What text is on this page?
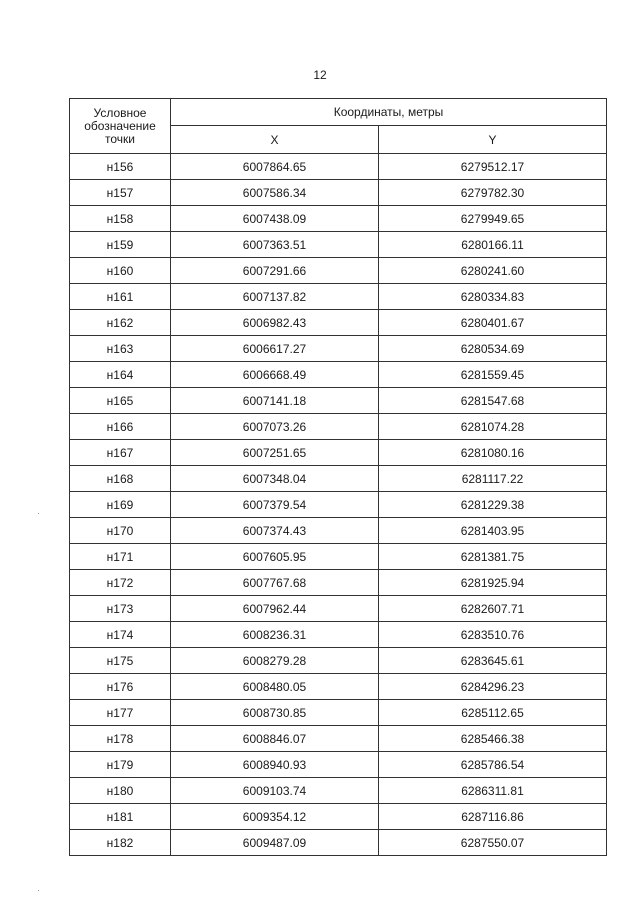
12
Условное обозначение точки	Координаты, метры	
	X	Y
н156	6007864.65	6279512.17
н157	6007586.34	6279782.30
н158	6007438.09	6279949.65
н159	6007363.51	6280166.11
н160	6007291.66	6280241.60
н161	6007137.82	6280334.83
н162	6006982.43	6280401.67
н163	6006617.27	6280534.69
н164	6006668.49	6281559.45
н165	6007141.18	6281547.68
н166	6007073.26	6281074.28
н167	6007251.65	6281080.16
н168	6007348.04	6281117.22
н169	6007379.54	6281229.38
н170	6007374.43	6281403.95
н171	6007605.95	6281381.75
н172	6007767.68	6281925.94
н173	6007962.44	6282607.71
н174	6008236.31	6283510.76
н175	6008279.28	6283645.61
н176	6008480.05	6284296.23
н177	6008730.85	6285112.65
н178	6008846.07	6285466.38
н179	6008940.93	6285786.54
н180	6009103.74	6286311.81
н181	6009354.12	6287116.86
н182	6009487.09	6287550.07
